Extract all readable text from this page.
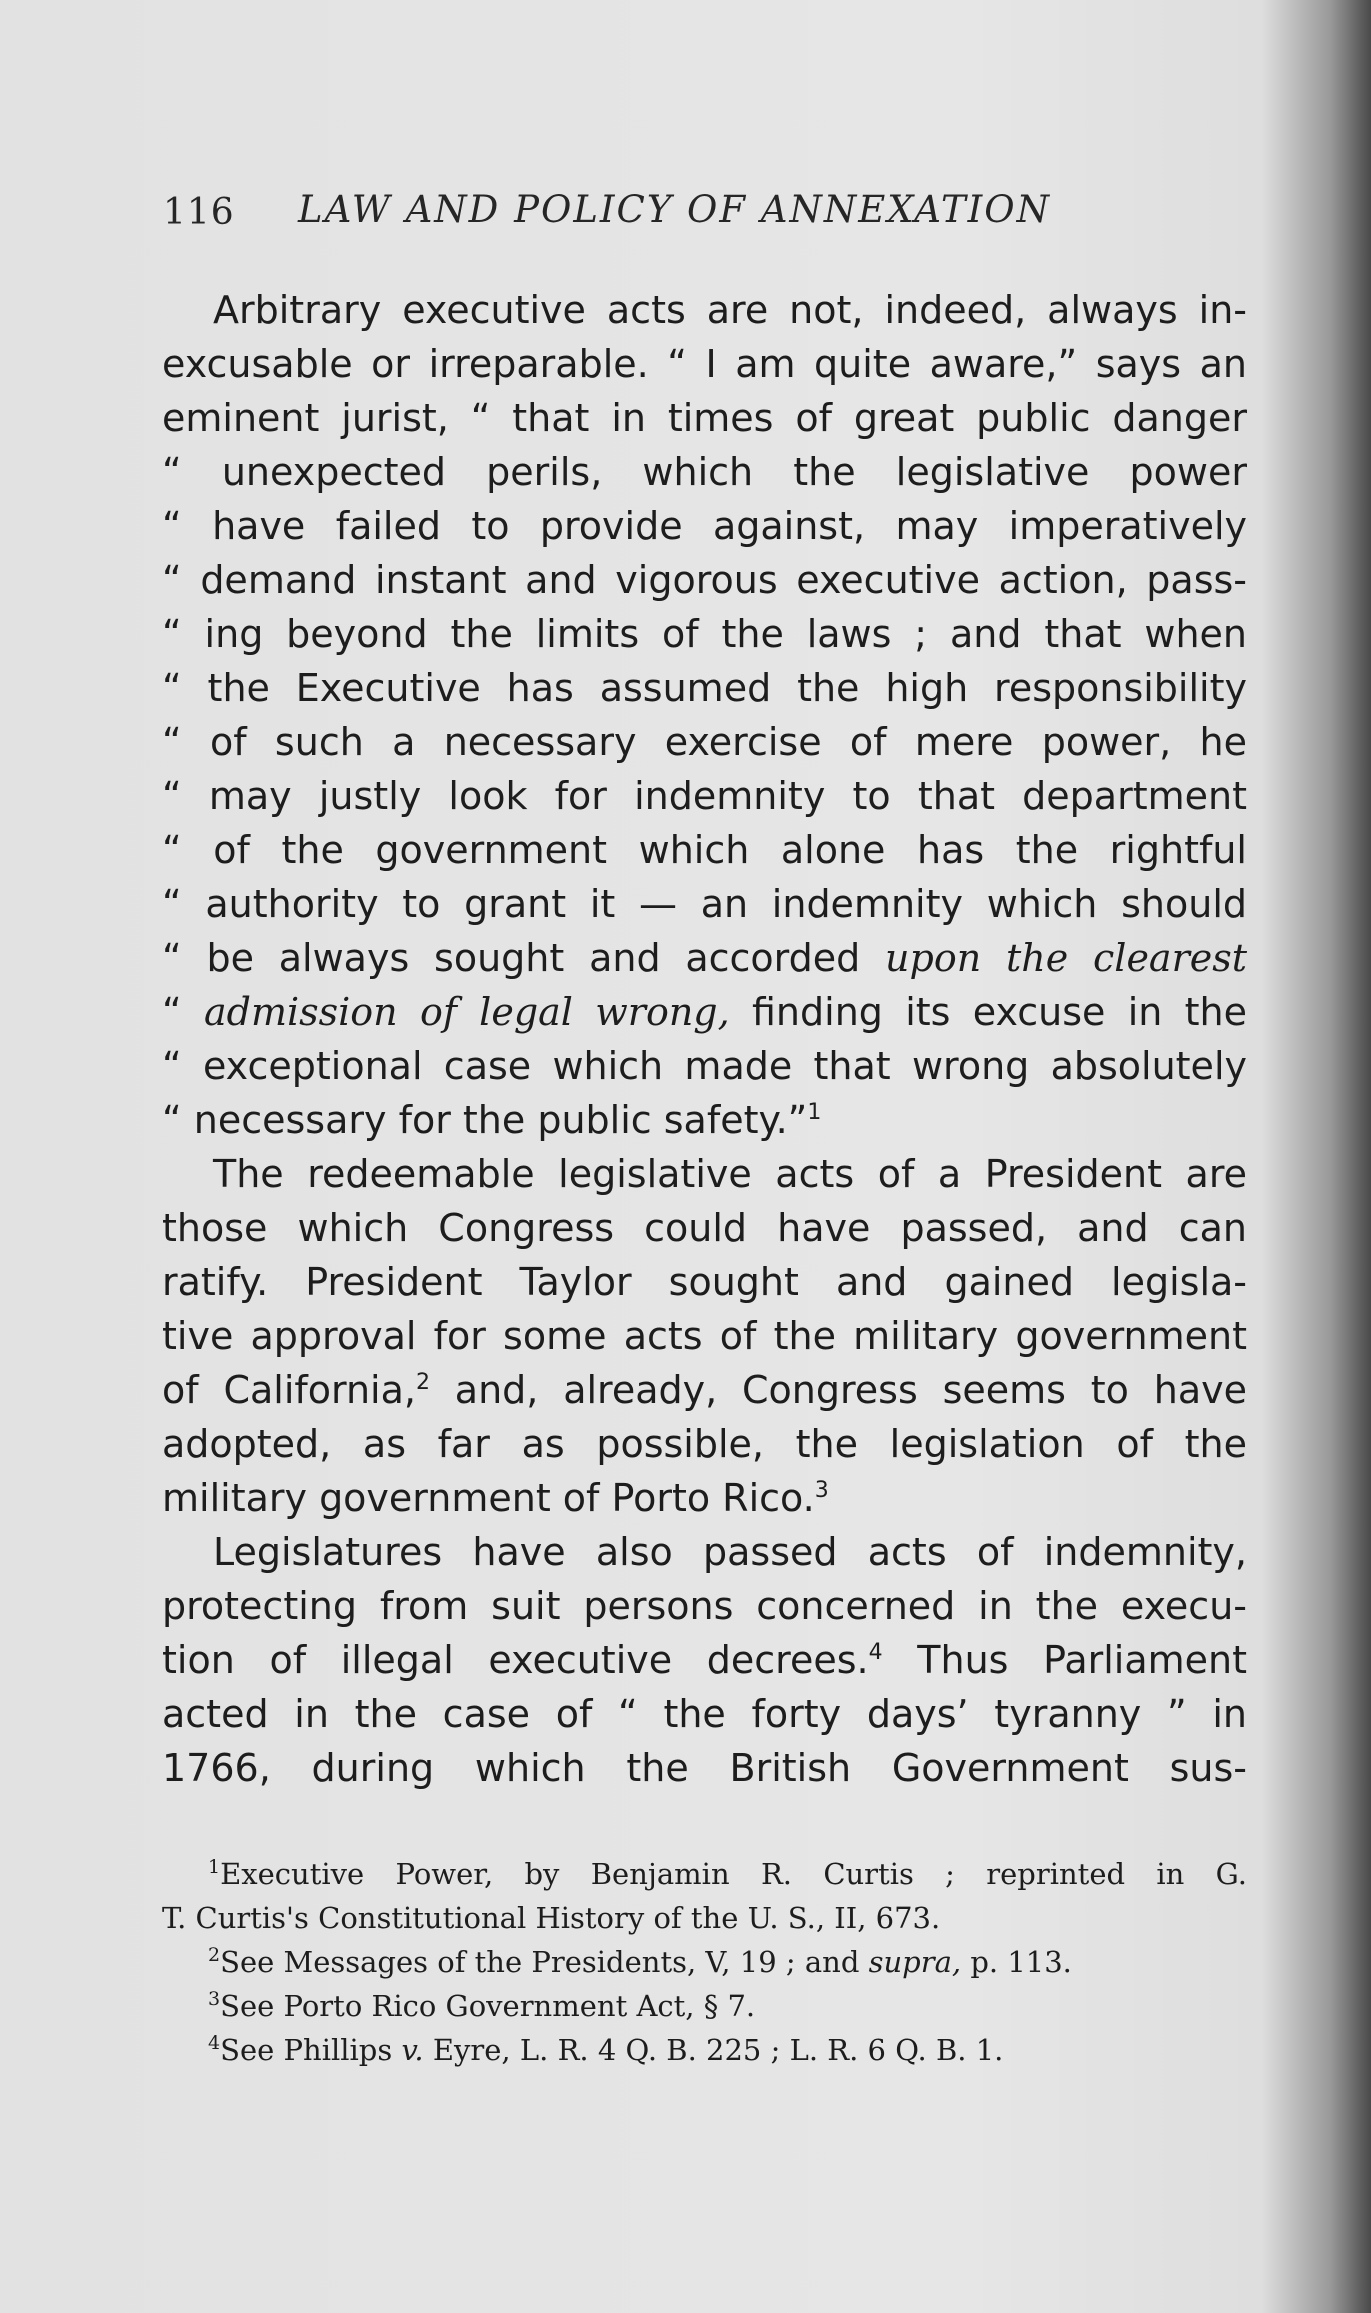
116 LAW AND POLICY OF ANNEXATION

Arbitrary executive acts are not, indeed, always in-
excusable or irreparable. “ I am quite aware,” says an
eminent jurist, “ that in times of great public danger
“ unexpected perils, which the legislative power
“ have failed to provide against, may imperatively
“ demand instant and vigorous executive action, pass-
“ ing beyond the limits of the laws ; and that when
“ the Executive has assumed the high responsibility
“ of such a necessary exercise of mere power, he
“ may justly look for indemnity to that department
“ of the government which alone has the rightful
“ authority to grant it — an indemnity which should
“ be always sought and accorded upon the clearest
“ admission of legal wrong, finding its excuse in the
“ exceptional case which made that wrong absolutely
“ necessary for the public safety.”$^1$

The redeemable legislative acts of a President are
those which Congress could have passed, and can
ratify. President Taylor sought and gained legisla-
tive approval for some acts of the military government
of California,$^2$ and, already, Congress seems to have
adopted, as far as possible, the legislation of the
military government of Porto Rico.$^3$

Legislatures have also passed acts of indemnity,
protecting from suit persons concerned in the execu-
tion of illegal executive decrees.$^4$ Thus Parliament
acted in the case of “ the forty days’ tyranny ” in
1766, during which the British Government sus-

$^1$Executive Power, by Benjamin R. Curtis ; reprinted in G.
T. Curtis's Constitutional History of the U. S., II, 673.
$^2$See Messages of the Presidents, V, 19 ; and supra, p. 113.
$^3$See Porto Rico Government Act, § 7.
$^4$See Phillips v. Eyre, L. R. 4 Q. B. 225 ; L. R. 6 Q. B. 1.
